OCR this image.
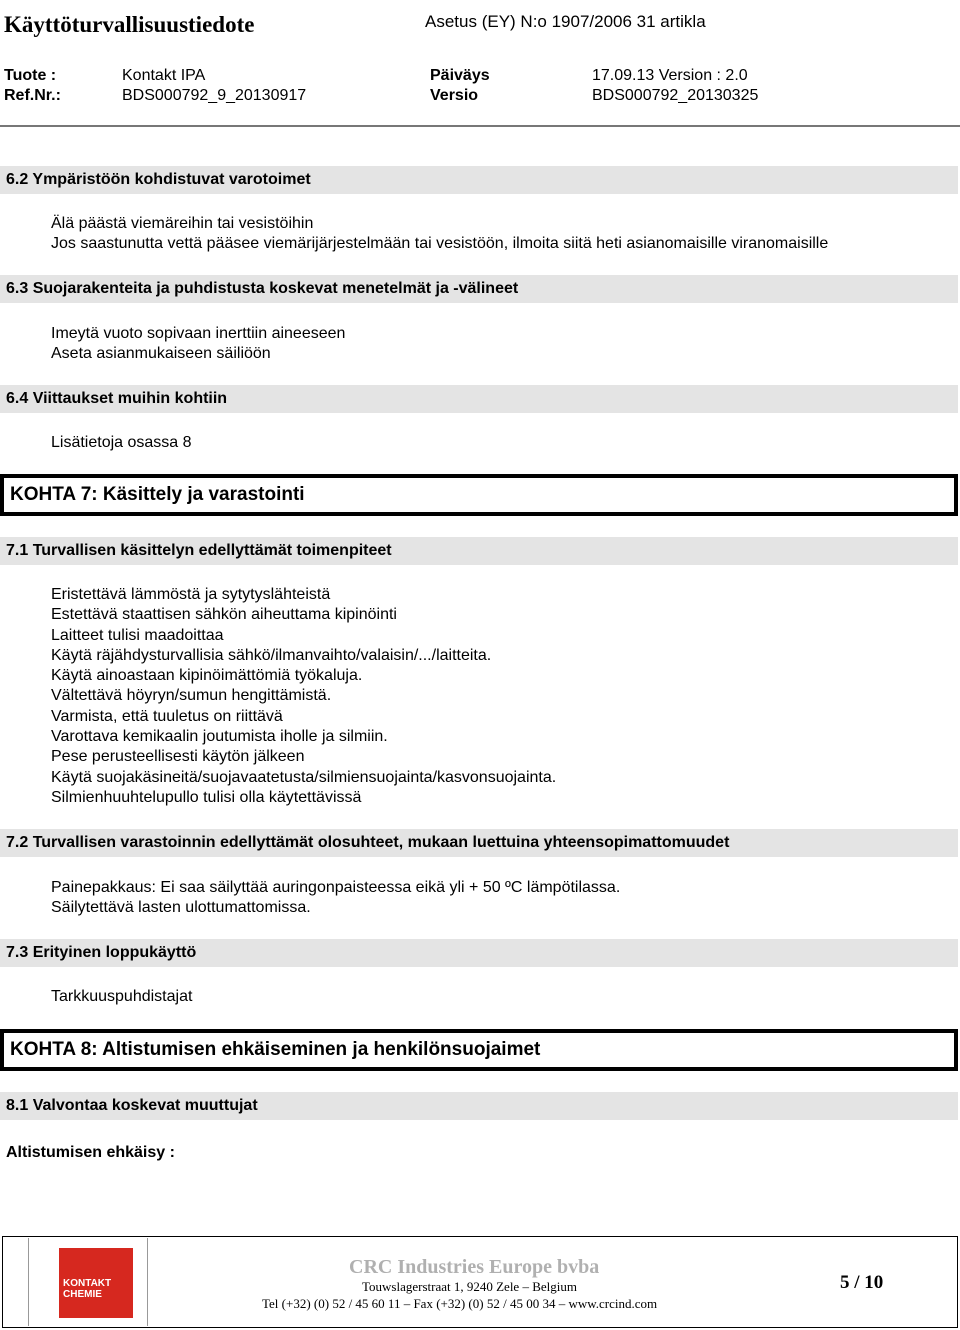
Käyttöturvallisuustiedote	Asetus (EY) N:o 1907/2006 31 artikla
Tuote :	Kontakt IPA	Päiväys	17.09.13 Version : 2.0
Ref.Nr.:	BDS000792_9_20130917	Versio	BDS000792_20130325
6.2 Ympäristöön kohdistuvat varotoimet
Älä päästä viemäreihin tai vesistöihin
Jos saastunutta vettä pääsee viemärijärjestelmään tai vesistöön, ilmoita siitä heti asianomaisille viranomaisille
6.3 Suojarakenteita ja puhdistusta koskevat menetelmät ja -välineet
Imeytä vuoto sopivaan inerttiin aineeseen
Aseta asianmukaiseen säiliöön
6.4 Viittaukset muihin kohtiin
Lisätietoja osassa 8
KOHTA 7: Käsittely ja varastointi
7.1 Turvallisen käsittelyn edellyttämät toimenpiteet
Eristettävä lämmöstä ja sytytyslähteistä
Estettävä staattisen sähkön aiheuttama kipinöinti
Laitteet tulisi maadoittaa
Käytä räjähdysturvallisia sähkö/ilmanvaihto/valaisin/.../laitteita.
Käytä ainoastaan kipinöimättömiä työkaluja.
Vältettävä höyryn/sumun hengittämistä.
Varmista, että tuuletus on riittävä
Varottava kemikaalin joutumista iholle ja silmiin.
Pese perusteellisesti käytön jälkeen
Käytä suojakäsineitä/suojavaatetusta/silmiensuojainta/kasvonsuojainta.
Silmienhuuhtelupullo tulisi olla käytettävissä
7.2 Turvallisen varastoinnin edellyttämät olosuhteet, mukaan luettuina yhteensopimattomuudet
Painepakkaus: Ei saa säilyttää auringonpaisteessa eikä yli + 50 ºC lämpötilassa.
Säilytettävä lasten ulottumattomissa.
7.3 Erityinen loppukäyttö
Tarkkuuspuhdistajat
KOHTA 8: Altistumisen ehkäiseminen ja henkilönsuojaimet
8.1 Valvontaa koskevat muuttujat
Altistumisen ehkäisy :
KONTAKT CHEMIE
CRC Industries Europe bvba
Touwslagerstraat 1, 9240 Zele – Belgium
Tel (+32) (0) 52 / 45 60 11 – Fax (+32) (0) 52 / 45 00 34 – www.crcind.com
5 / 10
